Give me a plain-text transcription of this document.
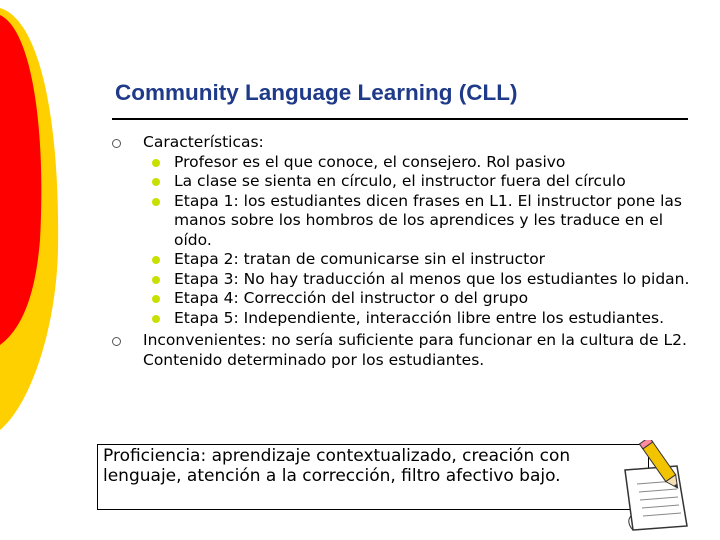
Community Language Learning (CLL)
Características:
Profesor es el que conoce, el consejero. Rol pasivo
La clase se sienta en círculo, el instructor fuera del círculo
Etapa 1: los estudiantes dicen frases en L1. El instructor pone las manos sobre los hombros de los aprendices y les traduce en el oído.
Etapa 2: tratan de comunicarse sin el instructor
Etapa 3: No hay traducción al menos que los estudiantes lo pidan.
Etapa 4: Corrección del instructor o del grupo
Etapa 5: Independiente, interacción libre entre los estudiantes.
Inconvenientes: no sería suficiente para funcionar en la cultura de L2. Contenido determinado por los estudiantes.
Proficiencia: aprendizaje contextualizado, creación con lenguaje, atención a la corrección, filtro afectivo bajo.
